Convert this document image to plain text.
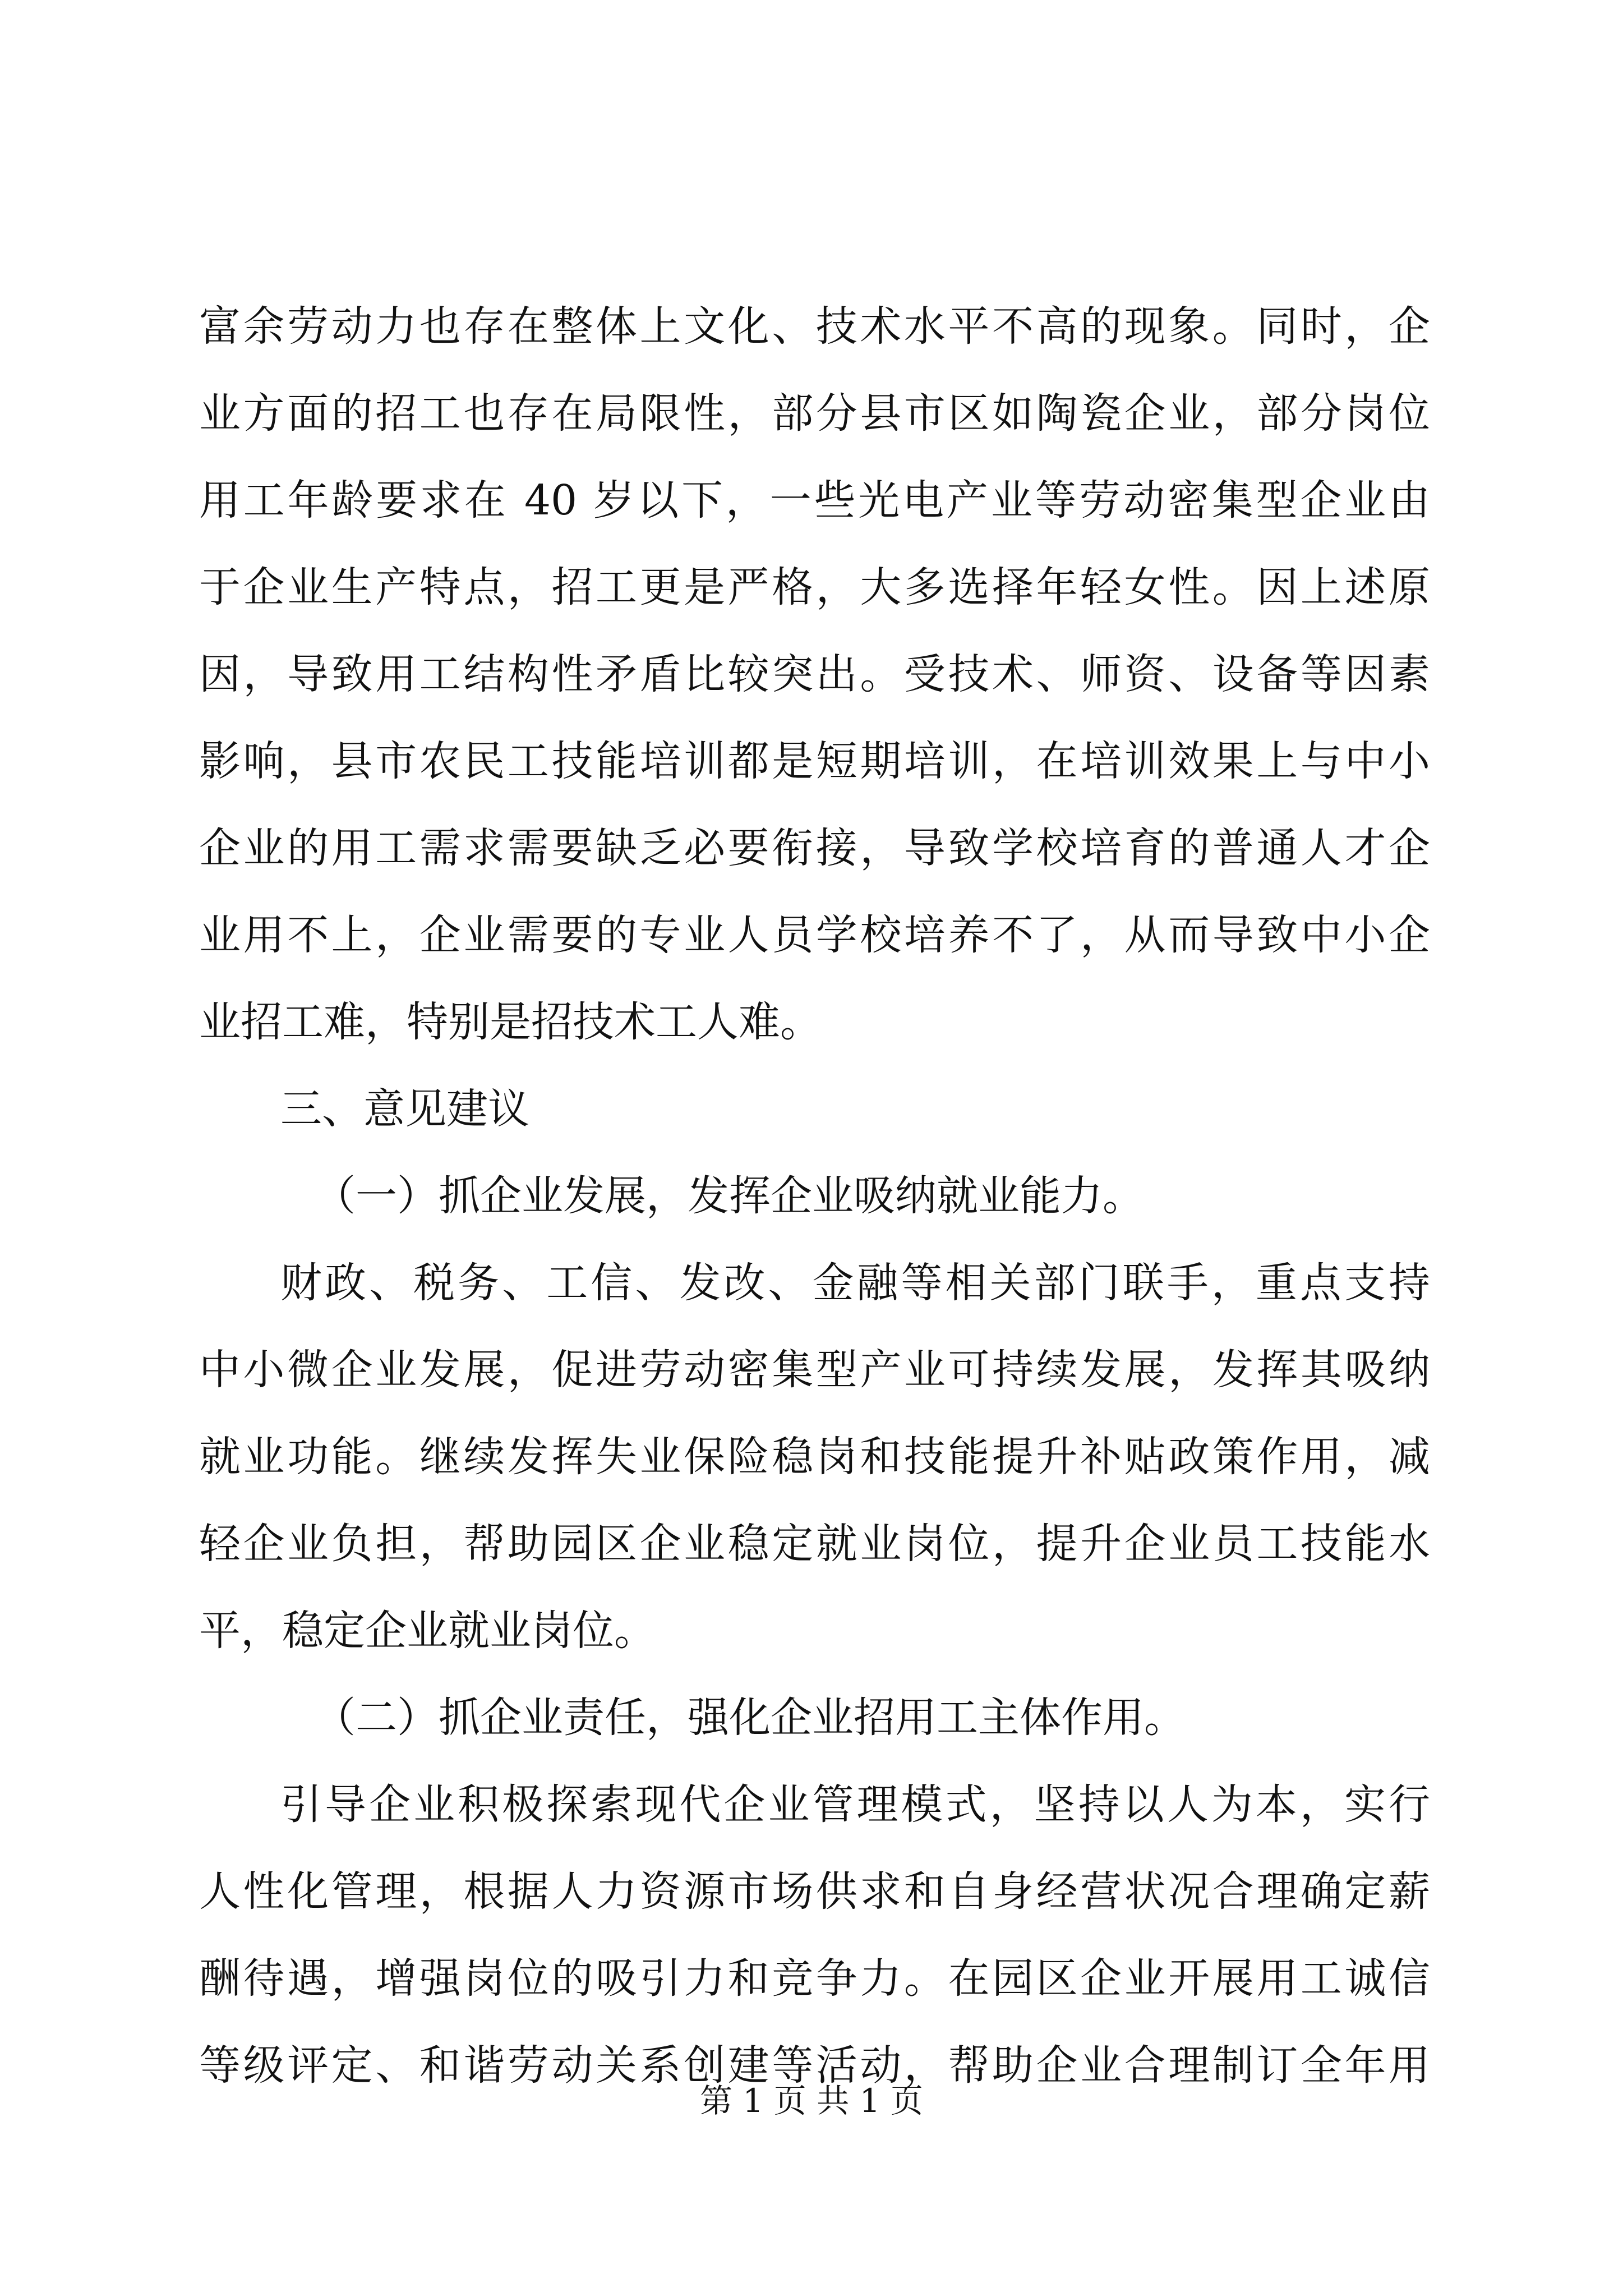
富余劳动力也存在整体上文化、技术水平不高的现象。同时，企
业方面的招工也存在局限性，部分县市区如陶瓷企业，部分岗位
用工年龄要求在 40 岁以下，一些光电产业等劳动密集型企业由
于企业生产特点，招工更是严格，大多选择年轻女性。因上述原
因，导致用工结构性矛盾比较突出。受技术、师资、设备等因素
影响，县市农民工技能培训都是短期培训，在培训效果上与中小
企业的用工需求需要缺乏必要衔接，导致学校培育的普通人才企
业用不上，企业需要的专业人员学校培养不了，从而导致中小企
业招工难，特别是招技术工人难。
三、意见建议
（一）抓企业发展，发挥企业吸纳就业能力。
财政、税务、工信、发改、金融等相关部门联手，重点支持
中小微企业发展，促进劳动密集型产业可持续发展，发挥其吸纳
就业功能。继续发挥失业保险稳岗和技能提升补贴政策作用，减
轻企业负担，帮助园区企业稳定就业岗位，提升企业员工技能水
平，稳定企业就业岗位。
（二）抓企业责任，强化企业招用工主体作用。
引导企业积极探索现代企业管理模式，坚持以人为本，实行
人性化管理，根据人力资源市场供求和自身经营状况合理确定薪
酬待遇，增强岗位的吸引力和竞争力。在园区企业开展用工诚信
等级评定、和谐劳动关系创建等活动，帮助企业合理制订全年用
第 1 页 共 1 页
